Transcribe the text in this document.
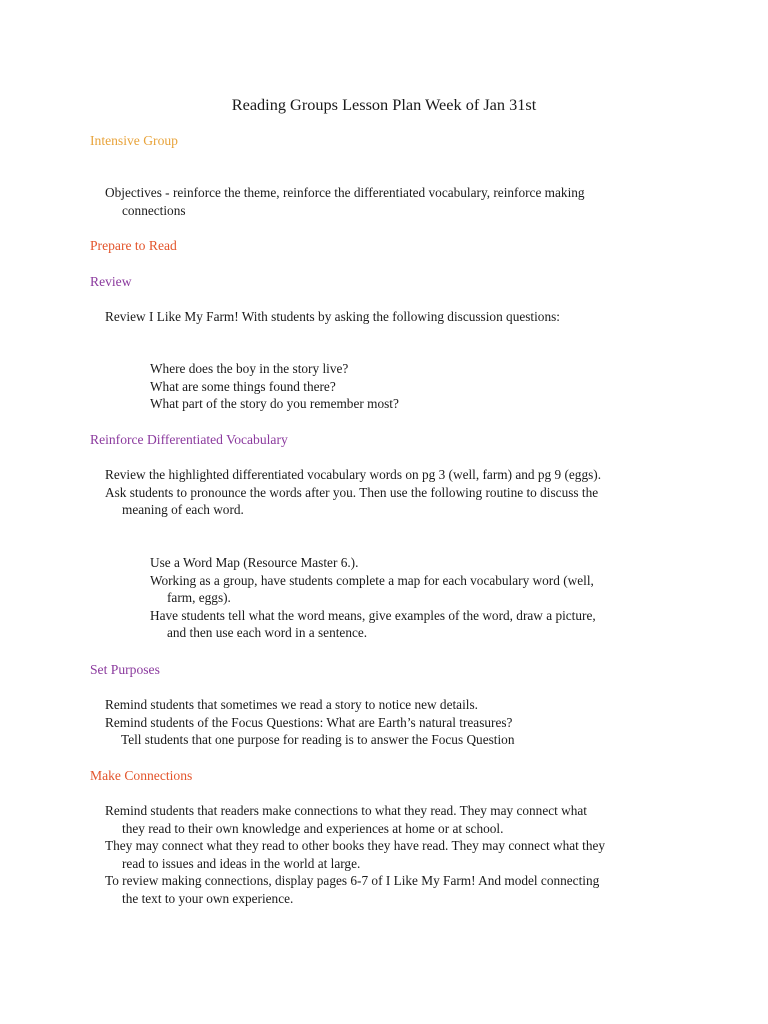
Reading Groups Lesson Plan Week of Jan 31st
Intensive Group
Objectives - reinforce the theme, reinforce the differentiated vocabulary, reinforce making
connections
Prepare to Read
Review
Review I Like My Farm! With students by asking the following discussion questions:
Where does the boy in the story live?
What are some things found there?
What part of the story do you remember most?
Reinforce Differentiated Vocabulary
Review the highlighted differentiated vocabulary words on pg 3 (well, farm) and pg 9 (eggs).
Ask students to pronounce the words after you. Then use the following routine to discuss the
meaning of each word.
Use a Word Map (Resource Master 6.).
Working as a group, have students complete a map for each vocabulary word (well,
farm, eggs).
Have students tell what the word means, give examples of the word, draw a picture,
and then use each word in a sentence.
Set Purposes
Remind students that sometimes we read a story to notice new details.
Remind students of the Focus Questions: What are Earth’s natural treasures?
Tell students that one purpose for reading is to answer the Focus Question
Make Connections
Remind students that readers make connections to what they read. They may connect what
they read to their own knowledge and experiences at home or at school.
They may connect what they read to other books they have read. They may connect what they
read to issues and ideas in the world at large.
To review making connections, display pages 6-7 of I Like My Farm! And model connecting
the text to your own experience.
